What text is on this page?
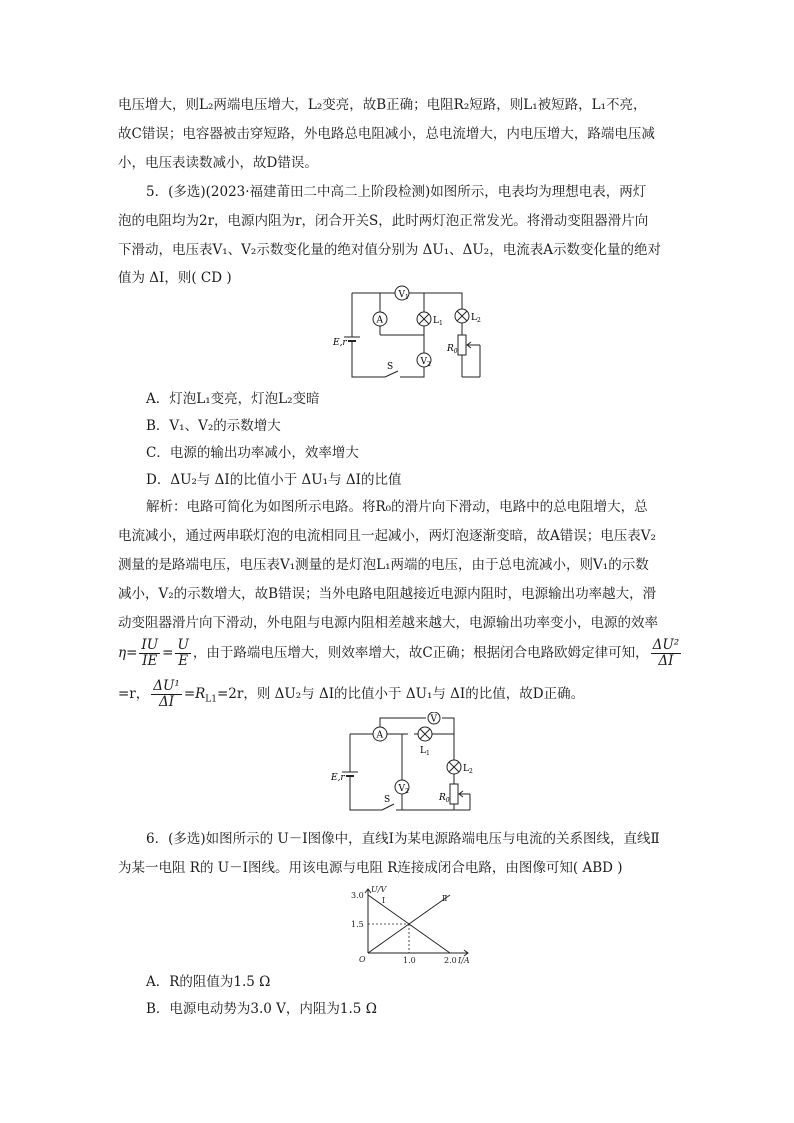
电压增大，则L₂两端电压增大，L₂变亮，故B正确；电阻R₂短路，则L₁被短路，L₁不亮，
故C错误；电容器被击穿短路，外电路总电阻减小，总电流增大，内电压增大，路端电压减
小，电压表读数减小，故D错误。
5．(多选)(2023·福建莆田二中高二上阶段检测)如图所示，电表均为理想电表，两灯
泡的电阻均为2r，电源内阻为r，闭合开关S，此时两灯泡正常发光。将滑动变阻器滑片向
下滑动，电压表V₁、V₂示数变化量的绝对值分别为 ΔU₁、ΔU₂，电流表A示数变化量的绝对
值为 ΔI，则( CD )
$V_1$
A	$L_1$
$L_2$
$V_2$
E,r
$R_0$
S
A．灯泡L₁变亮，灯泡L₂变暗
B．V₁、V₂的示数增大
C．电源的输出功率减小，效率增大
D．ΔU₂与 ΔI的比值小于 ΔU₁与 ΔI的比值
解析：电路可简化为如图所示电路。将R₀的滑片向下滑动，电路中的总电阻增大，总
电流减小，通过两串联灯泡的电流相同且一起减小，两灯泡逐渐变暗，故A错误；电压表V₂
测量的是路端电压，电压表V₁测量的是灯泡L₁两端的电压，由于总电流减小，则V₁的示数
减小，V₂的示数增大，故B错误；当外电路电阻越接近电源内阻时，电源输出功率越大，滑
动变阻器滑片向下滑动，外电阻与电源内阻相差越来越大，电源输出功率变小，电源的效率
$\eta= \frac{IU}{IE} = \frac{U}{E}$ ，由于路端电压增大，则效率增大，故C正确；根据闭合电路欧姆定律可知， $\frac{\text{ΔU²}}{\Delta I}$
=r， $\frac{\text{ΔU¹}}{\Delta I} =R_{L1}=2r$，则 ΔU₂与 ΔI的比值小于 ΔU₁与 ΔI的比值，故D正确。
V
A
$L_1$
$L_2$
$V_2$
E,r
$R_0$
S
6．(多选)如图所示的 U－I图像中，直线Ⅰ为某电源路端电压与电流的关系图线，直线Ⅱ
为某一电阻 R的 U－I图线。用该电源与电阻 R连接成闭合电路，由图像可知( ABD )
Ⅰ	Ⅱ
1.5
3.0
1.0	2.0
O
U/V
I/A
A．R的阻值为1.5 Ω
B．电源电动势为3.0 V，内阻为1.5 Ω
